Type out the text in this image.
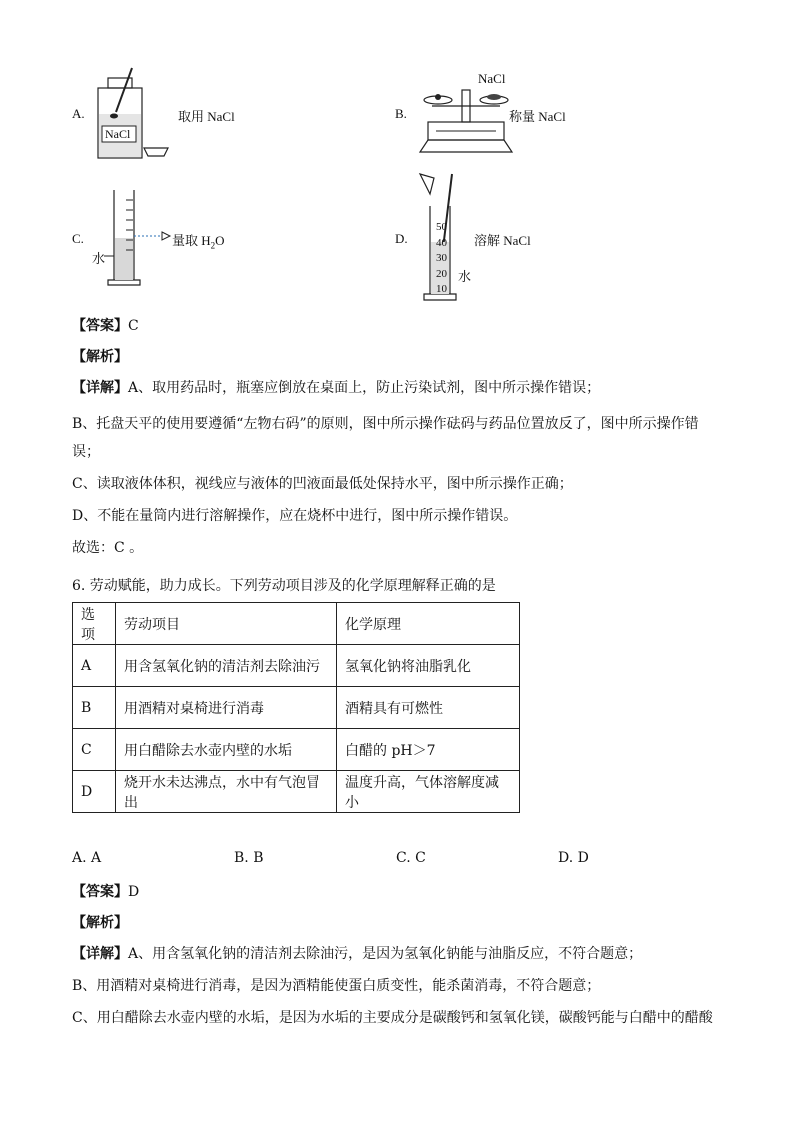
A.
NaCl
取用 NaCl	B.
NaCl
称量 NaCl
C.
水
量取 $H_2O$	D.
50
40
30
20
10
水
溶解 NaCl
【答案】C
【解析】
【详解】A、取用药品时，瓶塞应倒放在桌面上，防止污染试剂，图中所示操作错误；
B、托盘天平的使用要遵循“左物右码”的原则，图中所示操作砝码与药品位置放反了，图中所示操作错误；
C、读取液体体积，视线应与液体的凹液面最低处保持水平，图中所示操作正确；
D、不能在量筒内进行溶解操作，应在烧杯中进行，图中所示操作错误。
故选：C 。
6. 劳动赋能，助力成长。下列劳动项目涉及的化学原理解释正确的是
选项	劳动项目	化学原理
A	用含氢氧化钠的清洁剂去除油污	氢氧化钠将油脂乳化
B	用酒精对桌椅进行消毒	酒精具有可燃性
C	用白醋除去水壶内壁的水垢	白醋的 pH＞7
D	烧开水未达沸点，水中有气泡冒出	温度升高，气体溶解度减小
A. A	B. B	C. C	D. D
【答案】D
【解析】
【详解】A、用含氢氧化钠的清洁剂去除油污，是因为氢氧化钠能与油脂反应，不符合题意；
B、用酒精对桌椅进行消毒，是因为酒精能使蛋白质变性，能杀菌消毒，不符合题意；
C、用白醋除去水壶内壁的水垢，是因为水垢的主要成分是碳酸钙和氢氧化镁，碳酸钙能与白醋中的醋酸
